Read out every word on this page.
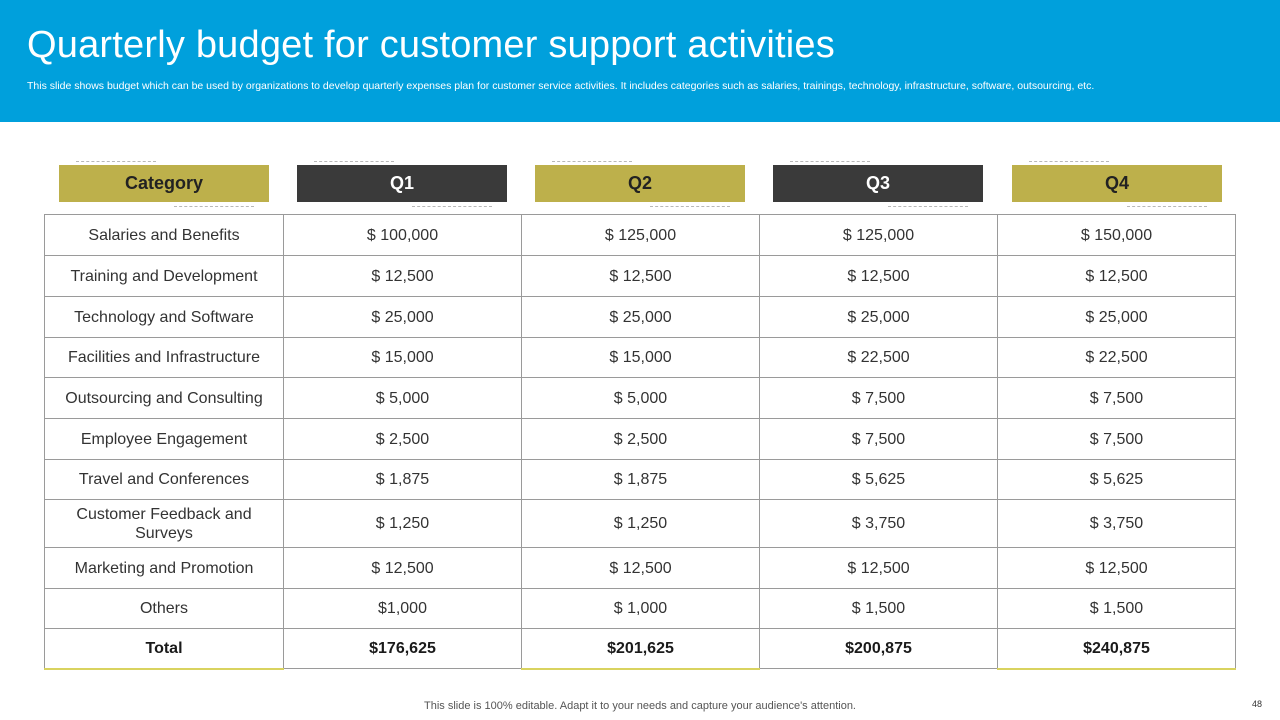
Quarterly budget for customer support activities

This slide shows budget which can be used by organizations to develop quarterly expenses plan for customer service activities. It includes categories such as salaries, trainings, technology, infrastructure, software, outsourcing, etc.

Category	Q1	Q2	Q3	Q4
Salaries and Benefits	$ 100,000	$ 125,000	$ 125,000	$ 150,000
Training and Development	$ 12,500	$ 12,500	$ 12,500	$ 12,500
Technology and Software	$ 25,000	$ 25,000	$ 25,000	$ 25,000
Facilities and Infrastructure	$ 15,000	$ 15,000	$ 22,500	$ 22,500
Outsourcing and Consulting	$ 5,000	$ 5,000	$ 7,500	$ 7,500
Employee Engagement	$ 2,500	$ 2,500	$ 7,500	$ 7,500
Travel and Conferences	$ 1,875	$ 1,875	$ 5,625	$ 5,625
Customer Feedback and Surveys	$ 1,250	$ 1,250	$ 3,750	$ 3,750
Marketing and Promotion	$ 12,500	$ 12,500	$ 12,500	$ 12,500
Others	$1,000	$ 1,000	$ 1,500	$ 1,500
Total	$176,625	$201,625	$200,875	$240,875
This slide is 100% editable. Adapt it to your needs and capture your audience's attention.	48
